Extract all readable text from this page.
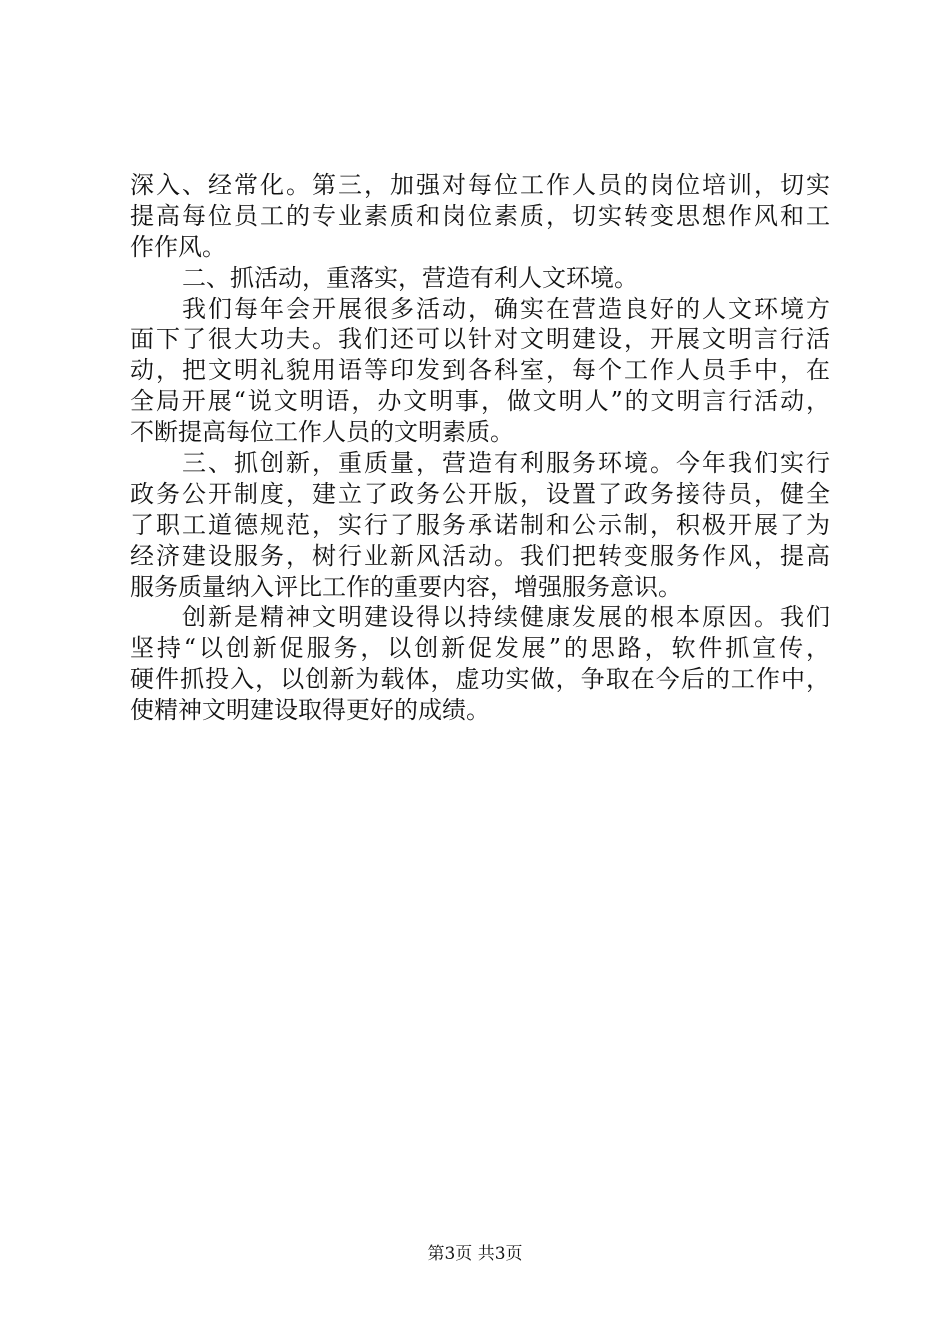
深入、经常化。第三，加强对每位工作人员的岗位培训，切实
提高每位员工的专业素质和岗位素质，切实转变思想作风和工
作作风。
二、抓活动，重落实，营造有利人文环境。
我们每年会开展很多活动，确实在营造良好的人文环境方
面下了很大功夫。我们还可以针对文明建设，开展文明言行活
动，把文明礼貌用语等印发到各科室，每个工作人员手中，在
全局开展“说文明语，办文明事，做文明人”的文明言行活动，
不断提高每位工作人员的文明素质。
三、抓创新，重质量，营造有利服务环境。今年我们实行
政务公开制度，建立了政务公开版，设置了政务接待员，健全
了职工道德规范，实行了服务承诺制和公示制，积极开展了为
经济建设服务，树行业新风活动。我们把转变服务作风，提高
服务质量纳入评比工作的重要内容，增强服务意识。
创新是精神文明建设得以持续健康发展的根本原因。我们
坚持“以创新促服务，以创新促发展”的思路，软件抓宣传，
硬件抓投入，以创新为载体，虚功实做，争取在今后的工作中，
使精神文明建设取得更好的成绩。
第3页 共3页
